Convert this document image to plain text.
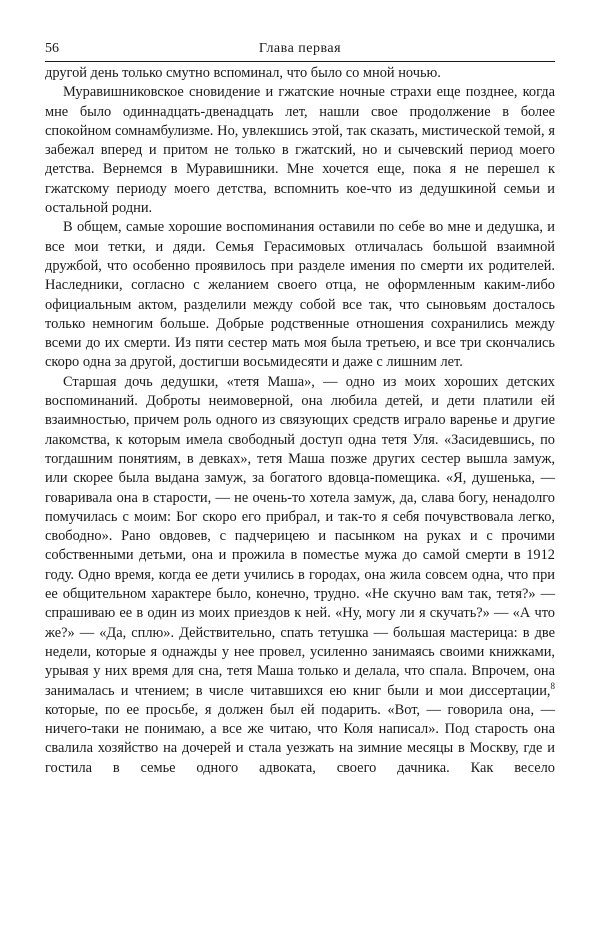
56	Глава первая

другой день только смутно вспоминал, что было со мной ночью.

Муравишниковское сновидение и гжатские ночные страхи еще позднее, когда мне было одиннадцать-двенадцать лет, нашли свое продолжение в более спокойном сомнамбулизме. Но, увлекшись этой, так сказать, мистической темой, я забежал вперед и притом не только в гжатский, но и сычевский период моего детства. Вернемся в Муравишники. Мне хочется еще, пока я не перешел к гжатскому периоду моего детства, вспомнить кое-что из дедушкиной семьи и остальной родни.

В общем, самые хорошие воспоминания оставили по себе во мне и дедушка, и все мои тетки, и дяди. Семья Герасимовых отличалась большой взаимной дружбой, что особенно проявилось при разделе имения по смерти их родителей. Наследники, согласно с желанием своего отца, не оформленным каким-либо официальным актом, разделили между собой все так, что сыновьям досталось только немногим больше. Добрые родственные отношения сохранились между всеми до их смерти. Из пяти сестер мать моя была третьею, и все три скончались скоро одна за другой, достигши восьмидесяти и даже с лишним лет.

Старшая дочь дедушки, «тетя Маша», — одно из моих хороших детских воспоминаний. Доброты неимоверной, она любила детей, и дети платили ей взаимностью, причем роль одного из связующих средств играло варенье и другие лакомства, к которым имела свободный доступ одна тетя Уля. «Засидевшись, по тогдашним понятиям, в девках», тетя Маша позже других сестер вышла замуж, или скорее была выдана замуж, за богатого вдовца-помещика. «Я, душенька, — говаривала она в старости, — не очень-то хотела замуж, да, слава богу, ненадолго помучилась с моим: Бог скоро его прибрал, и так-то я себя почувствовала легко, свободно». Рано овдовев, с падчерицею и пасынком на руках и с прочими собственными детьми, она и прожила в поместье мужа до самой смерти в 1912 году. Одно время, когда ее дети учились в городах, она жила совсем одна, что при ее общительном характере было, конечно, трудно. «Не скучно вам так, тетя?» — спрашиваю ее в один из моих приездов к ней. «Ну, могу ли я скучать?» — «А что же?» — «Да, сплю». Действительно, спать тетушка — большая мастерица: в две недели, которые я однажды у нее провел, усиленно занимаясь своими книжками, урывая у них время для сна, тетя Маша только и делала, что спала. Впрочем, она занималась и чтением; в числе читавшихся ею книг были и мои диссертации,$^8$ которые, по ее просьбе, я должен был ей подарить. «Вот, — говорила она, — ничего-таки не понимаю, а все же читаю, что Коля написал». Под старость она свалила хозяйство на дочерей и стала уезжать на зимние месяцы в Москву, где и гостила в семье одного адвоката, своего дачника. Как весело
